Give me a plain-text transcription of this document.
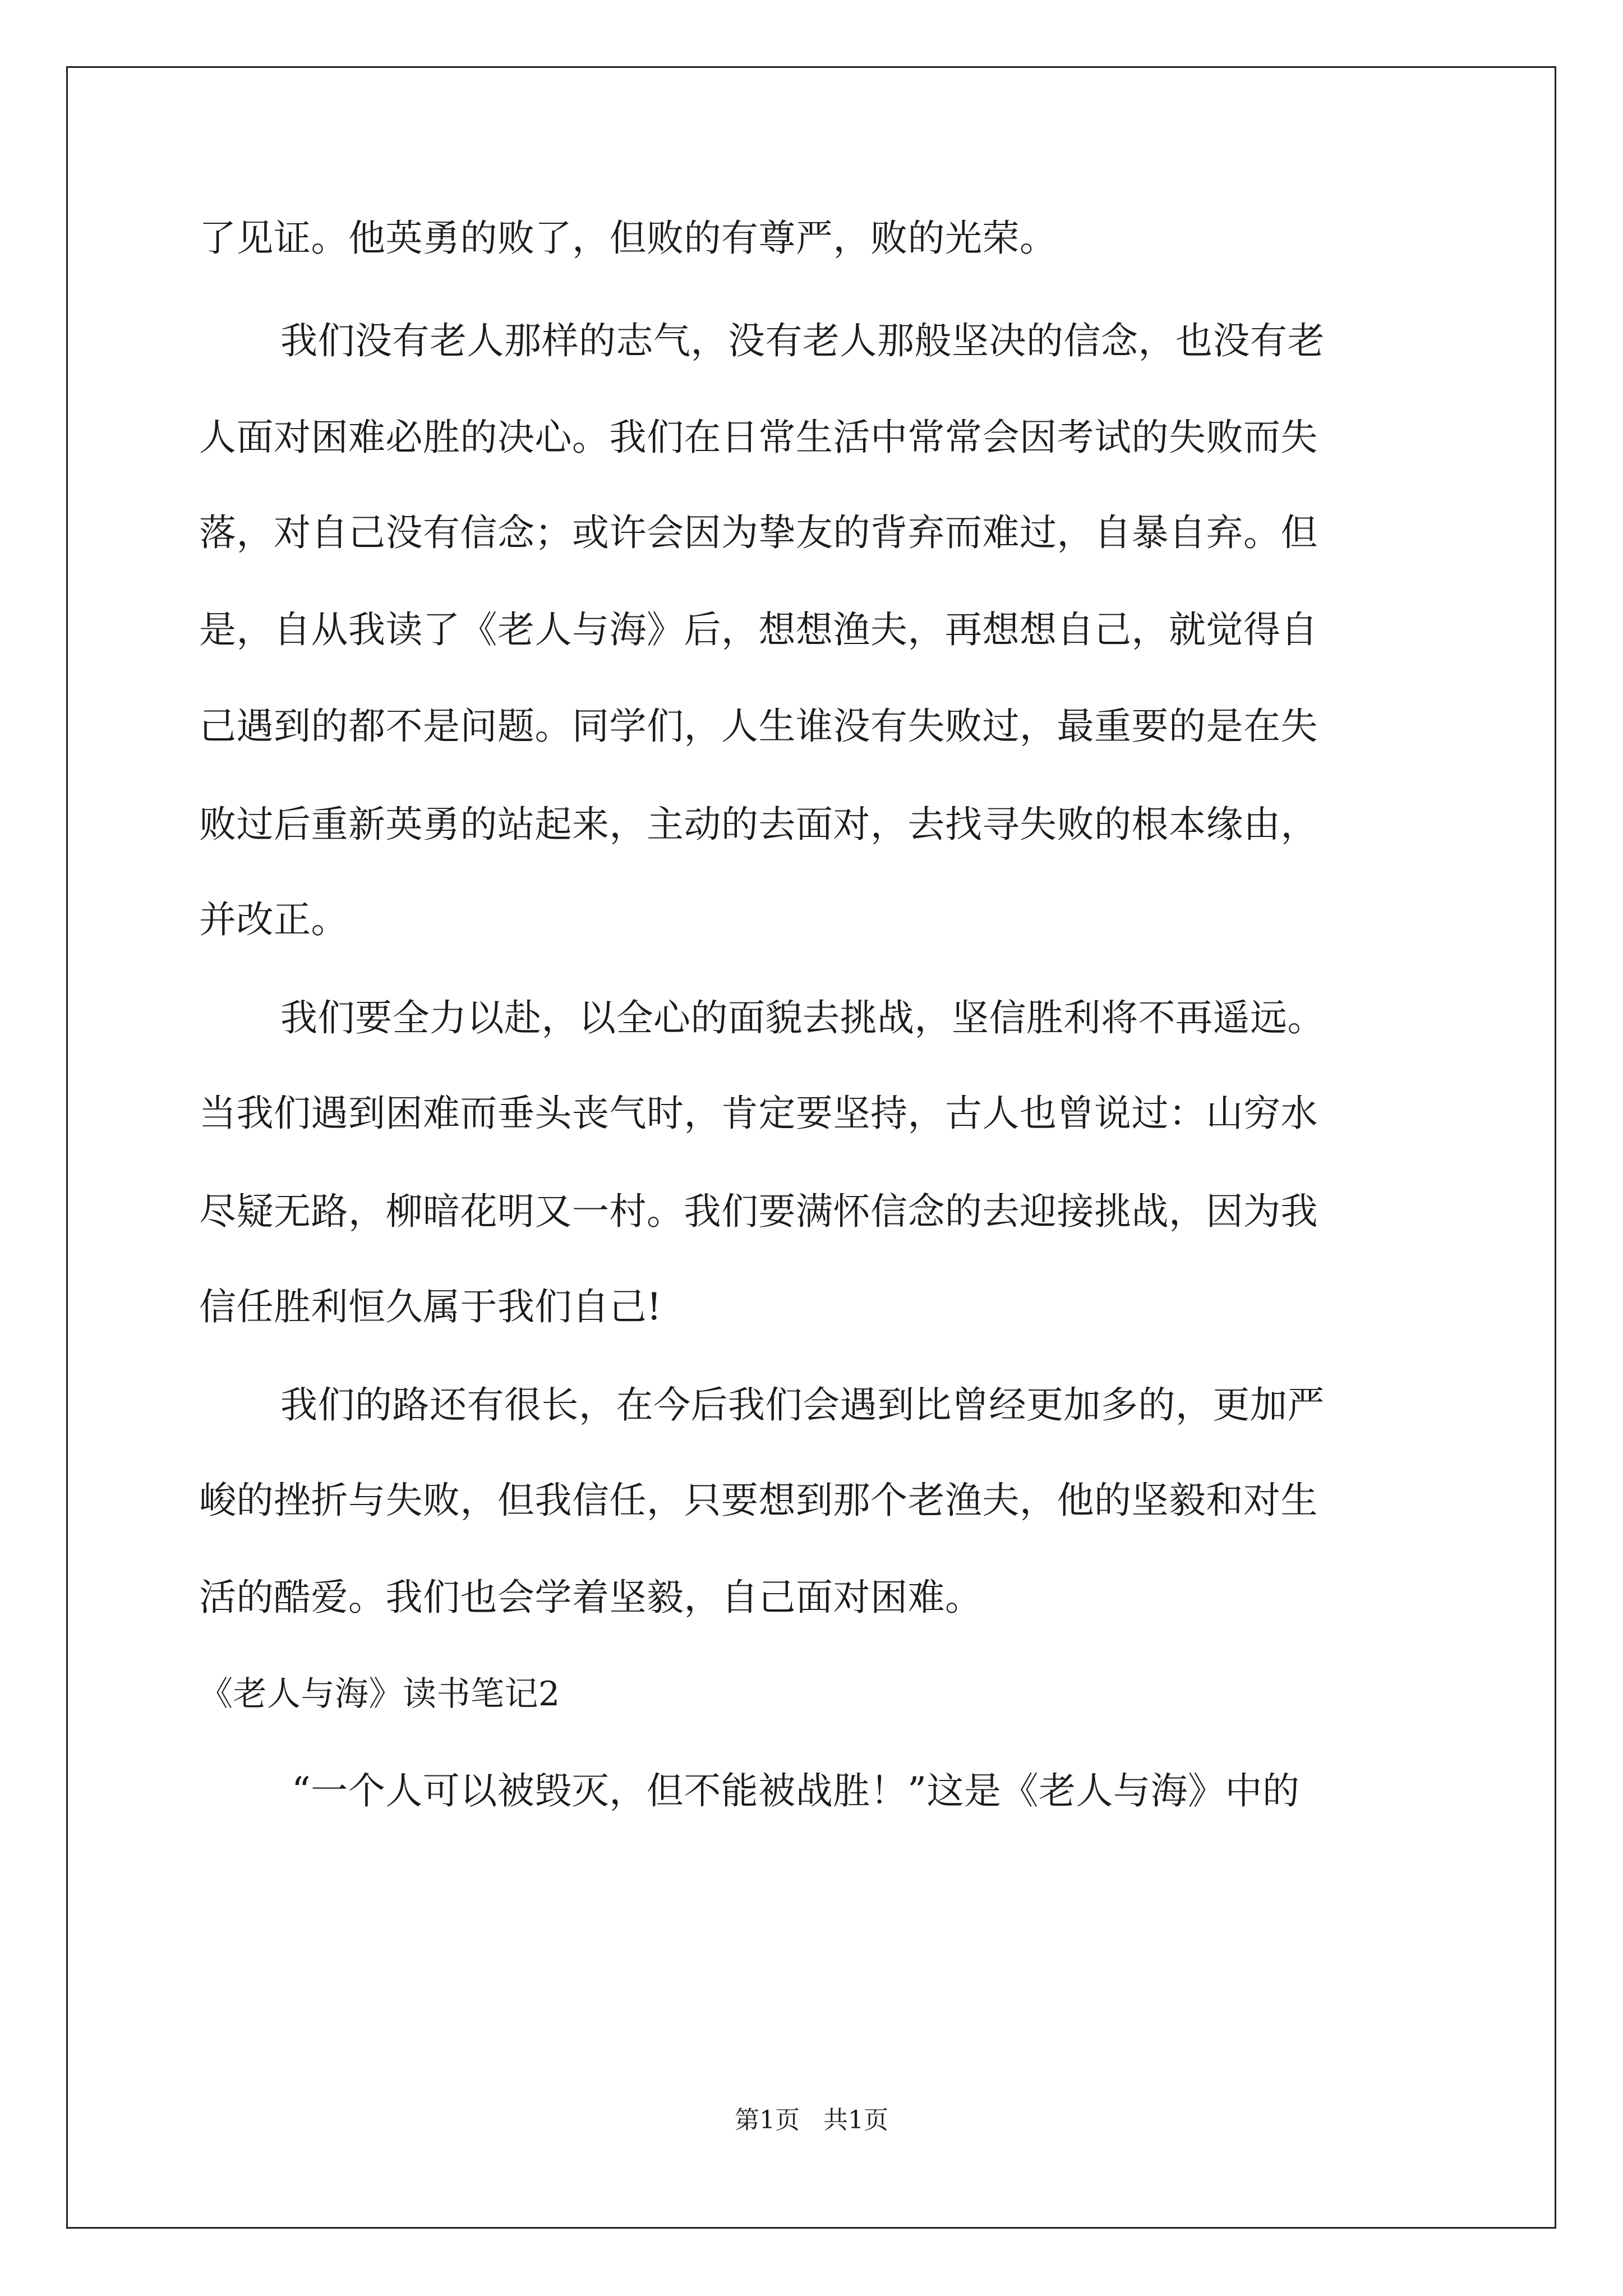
了见证。他英勇的败了，但败的有尊严，败的光荣。
我们没有老人那样的志气，没有老人那般坚决的信念，也没有老
人面对困难必胜的决心。我们在日常生活中常常会因考试的失败而失
落，对自己没有信念；或许会因为挚友的背弃而难过，自暴自弃。但
是，自从我读了《老人与海》后，想想渔夫，再想想自己，就觉得自
己遇到的都不是问题。同学们，人生谁没有失败过，最重要的是在失
败过后重新英勇的站起来，主动的去面对，去找寻失败的根本缘由，
并改正。
我们要全力以赴，以全心的面貌去挑战，坚信胜利将不再遥远。
当我们遇到困难而垂头丧气时，肯定要坚持，古人也曾说过：山穷水
尽疑无路，柳暗花明又一村。我们要满怀信念的去迎接挑战，因为我
信任胜利恒久属于我们自己!
我们的路还有很长，在今后我们会遇到比曾经更加多的，更加严
峻的挫折与失败，但我信任，只要想到那个老渔夫，他的坚毅和对生
活的酷爱。我们也会学着坚毅，自己面对困难。
《老人与海》读书笔记2
“一个人可以被毁灭，但不能被战胜！”这是《老人与海》中的
第1页 共1页
